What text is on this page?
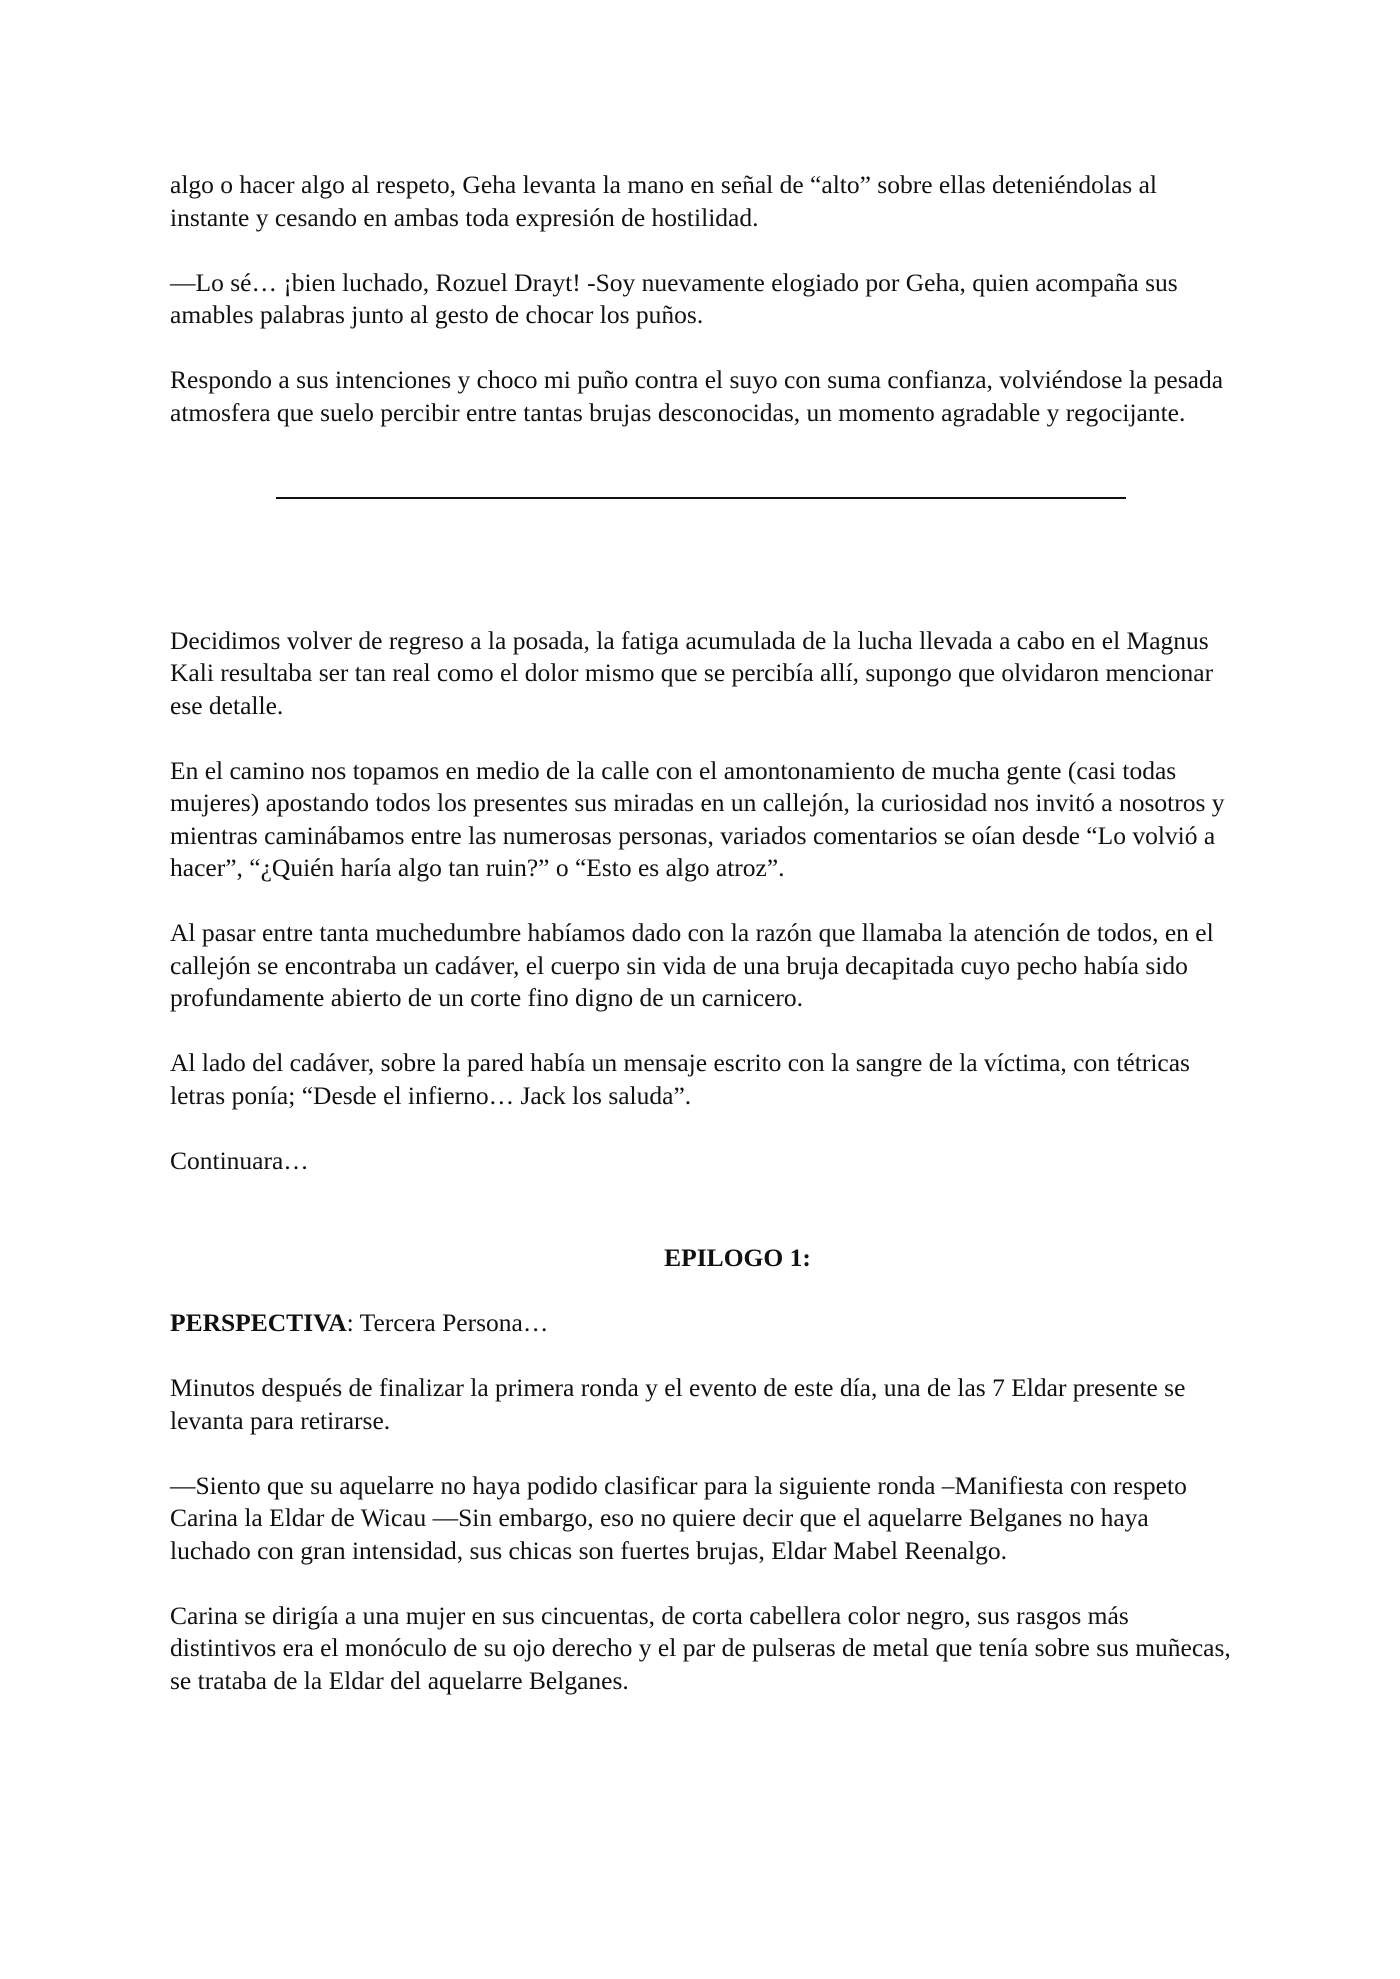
algo o hacer algo al respeto, Geha levanta la mano en señal de “alto” sobre ellas deteniéndolas al instante y cesando en ambas toda expresión de hostilidad.

—Lo sé… ¡bien luchado, Rozuel Drayt! -Soy nuevamente elogiado por Geha, quien acompaña sus amables palabras junto al gesto de chocar los puños.

Respondo a sus intenciones y choco mi puño contra el suyo con suma confianza, volviéndose la pesada atmosfera que suelo percibir entre tantas brujas desconocidas, un momento agradable y regocijante.

Decidimos volver de regreso a la posada, la fatiga acumulada de la lucha llevada a cabo en el Magnus Kali resultaba ser tan real como el dolor mismo que se percibía allí, supongo que olvidaron mencionar ese detalle.

En el camino nos topamos en medio de la calle con el amontonamiento de mucha gente (casi todas mujeres) apostando todos los presentes sus miradas en un callejón, la curiosidad nos invitó a nosotros y mientras caminábamos entre las numerosas personas, variados comentarios se oían desde “Lo volvió a hacer”, “¿Quién haría algo tan ruin?” o “Esto es algo atroz”.

Al pasar entre tanta muchedumbre habíamos dado con la razón que llamaba la atención de todos, en el callejón se encontraba un cadáver, el cuerpo sin vida de una bruja decapitada cuyo pecho había sido profundamente abierto de un corte fino digno de un carnicero.

Al lado del cadáver, sobre la pared había un mensaje escrito con la sangre de la víctima, con tétricas letras ponía; “Desde el infierno… Jack los saluda”.

Continuara…

EPILOGO 1:

PERSPECTIVA: Tercera Persona…

Minutos después de finalizar la primera ronda y el evento de este día, una de las 7 Eldar presente se levanta para retirarse.

—Siento que su aquelarre no haya podido clasificar para la siguiente ronda –Manifiesta con respeto Carina la Eldar de Wicau —Sin embargo, eso no quiere decir que el aquelarre Belganes no haya luchado con gran intensidad, sus chicas son fuertes brujas, Eldar Mabel Reenalgo.

Carina se dirigía a una mujer en sus cincuentas, de corta cabellera color negro, sus rasgos más distintivos era el monóculo de su ojo derecho y el par de pulseras de metal que tenía sobre sus muñecas, se trataba de la Eldar del aquelarre Belganes.
